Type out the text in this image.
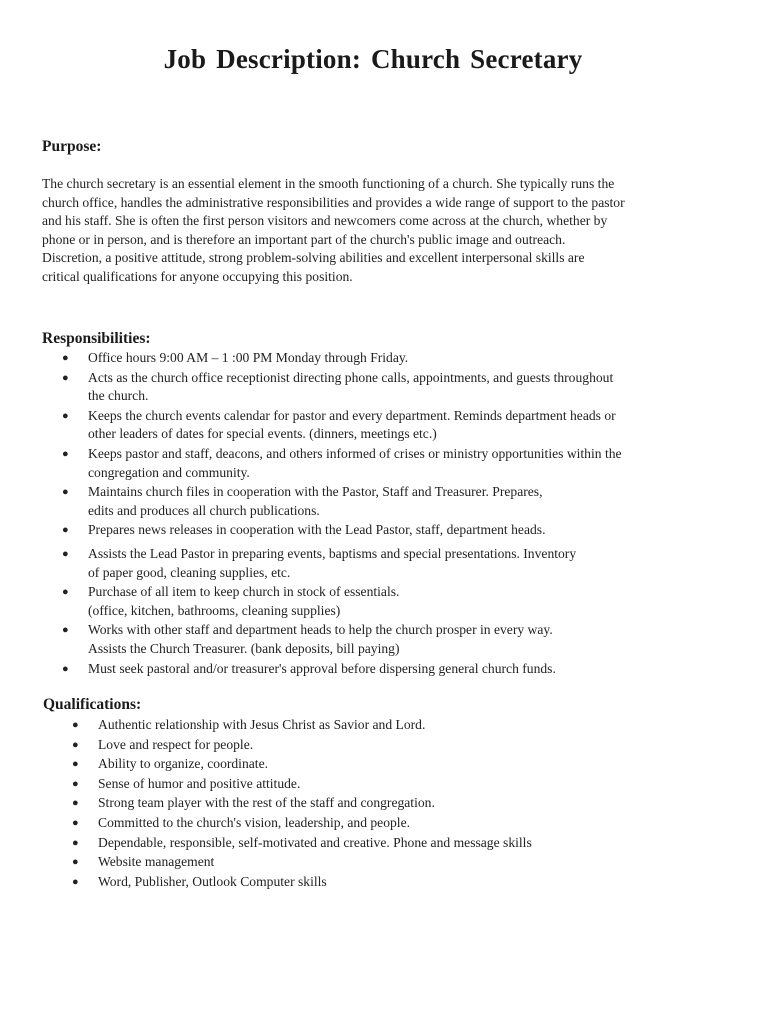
Job Description: Church Secretary
Purpose:
The church secretary is an essential element in the smooth functioning of a church. She typically runs the
church office, handles the administrative responsibilities and provides a wide range of support to the pastor
and his staff. She is often the first person visitors and newcomers come across at the church, whether by
phone or in person, and is therefore an important part of the church's public image and outreach.
Discretion, a positive attitude, strong problem-solving abilities and excellent interpersonal skills are
critical qualifications for anyone occupying this position.
Responsibilities:
● Office hours 9:00 AM – 1 :00 PM Monday through Friday.
● Acts as the church office receptionist directing phone calls, appointments, and guests throughout
the church.
● Keeps the church events calendar for pastor and every department. Reminds department heads or
other leaders of dates for special events. (dinners, meetings etc.)
● Keeps pastor and staff, deacons, and others informed of crises or ministry opportunities within the
congregation and community.
● Maintains church files in cooperation with the Pastor, Staff and Treasurer. Prepares,
edits and produces all church publications.
● Prepares news releases in cooperation with the Lead Pastor, staff, department heads.
● Assists the Lead Pastor in preparing events, baptisms and special presentations. Inventory
of paper good, cleaning supplies, etc.
● Purchase of all item to keep church in stock of essentials.
(office, kitchen, bathrooms, cleaning supplies)
● Works with other staff and department heads to help the church prosper in every way.
Assists the Church Treasurer. (bank deposits, bill paying)
● Must seek pastoral and/or treasurer's approval before dispersing general church funds.
Qualifications:
● Authentic relationship with Jesus Christ as Savior and Lord.
● Love and respect for people.
● Ability to organize, coordinate.
● Sense of humor and positive attitude.
● Strong team player with the rest of the staff and congregation.
● Committed to the church's vision, leadership, and people.
● Dependable, responsible, self-motivated and creative. Phone and message skills
● Website management
● Word, Publisher, Outlook Computer skills
